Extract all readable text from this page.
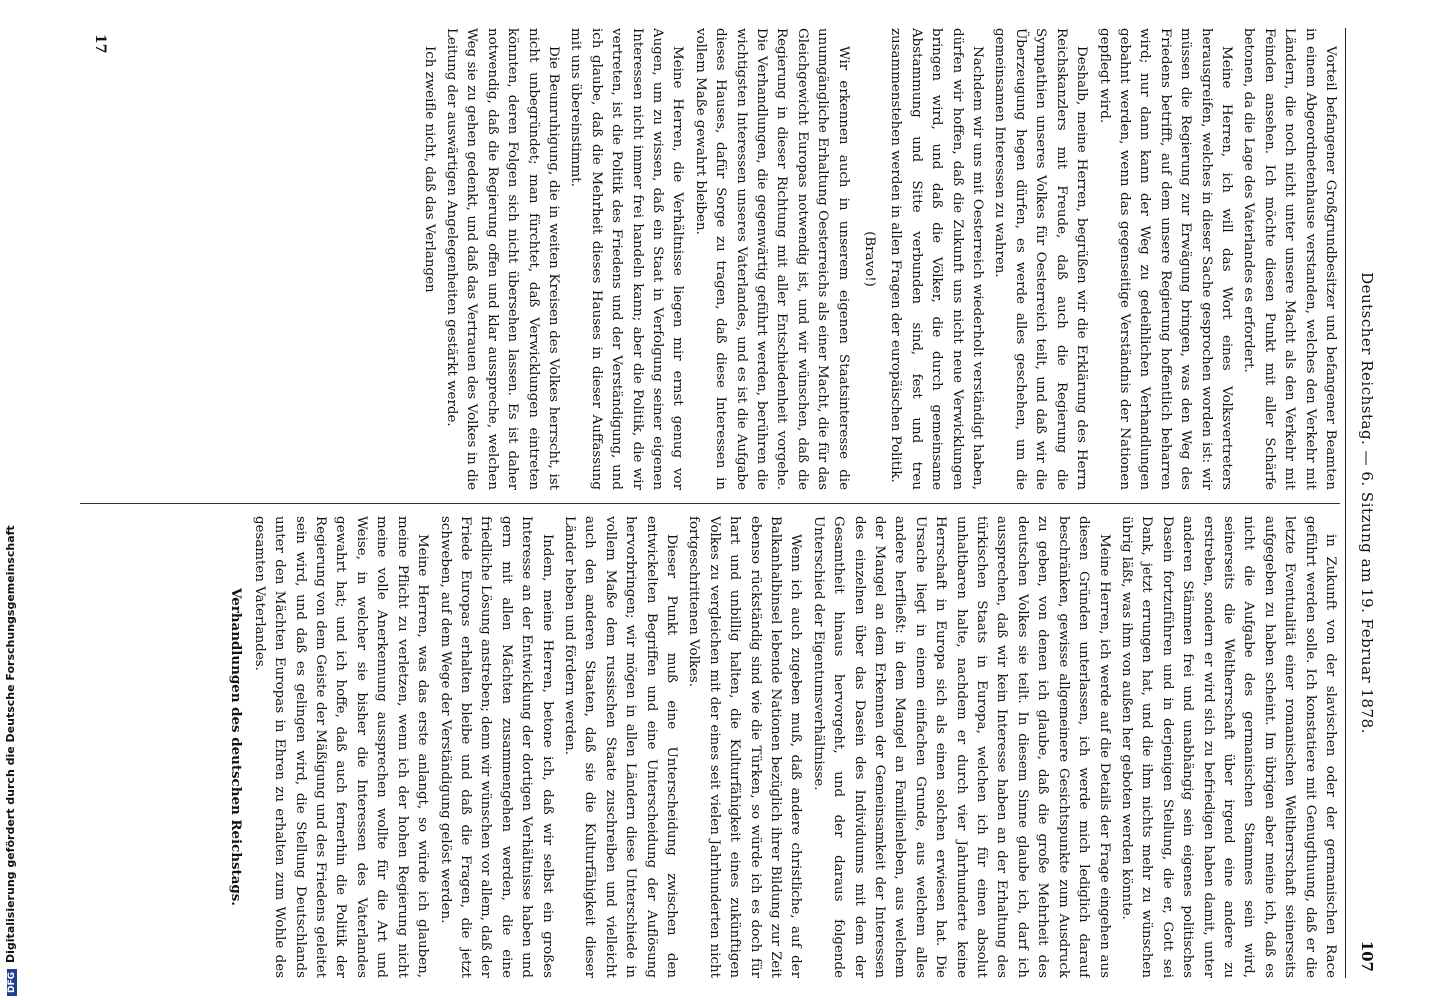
Deutscher Reichstag. — 6. Sitzung am 19. Februar 1878.
107

Vorteil befangener Großgrundbesitzer und befangener Beamten in einem Abgeordnetenhause verstanden, welches den Verkehr mit Ländern, die noch nicht unter unsere Macht als den Verkehr mit Feinden ansehen. Ich möchte diesen Punkt mit aller Schärfe betonen, da die Lage des Vaterlandes es erfordert.

Meine Herren, ich will das Wort eines Volksvertreters herausgreifen, welches in dieser Sache gesprochen worden ist: wir müssen die Regierung zur Erwägung bringen, was den Weg des Friedens betrifft, auf dem unsere Regierung hoffentlich beharren wird; nur dann kann der Weg zu gedeihlichen Verhandlungen gebahnt werden, wenn das gegenseitige Verständnis der Nationen gepflegt wird.

Deshalb, meine Herren, begrüßen wir die Erklärung des Herrn Reichskanzlers mit Freude, daß auch die Regierung die Sympathien unseres Volkes für Oesterreich teilt, und daß wir die Überzeugung hegen dürfen, es werde alles geschehen, um die gemeinsamen Interessen zu wahren.

Nachdem wir uns mit Oesterreich wiederholt verständigt haben, dürfen wir hoffen, daß die Zukunft uns nicht neue Verwicklungen bringen wird, und daß die Völker, die durch gemeinsame Abstammung und Sitte verbunden sind, fest und treu zusammenstehen werden in allen Fragen der europäischen Politik.

(Bravo!)

Wir erkennen auch in unserem eigenen Staatsinteresse die unumgängliche Erhaltung Oesterreichs als einer Macht, die für das Gleichgewicht Europas notwendig ist, und wir wünschen, daß die Regierung in dieser Richtung mit aller Entschiedenheit vorgehe. Die Verhandlungen, die gegenwärtig geführt werden, berühren die wichtigsten Interessen unseres Vaterlandes, und es ist die Aufgabe dieses Hauses, dafür Sorge zu tragen, daß diese Interessen in vollem Maße gewahrt bleiben.

Meine Herren, die Verhältnisse liegen mir ernst genug vor Augen, um zu wissen, daß ein Staat in Verfolgung seiner eigenen Interessen nicht immer frei handeln kann; aber die Politik, die wir vertreten, ist die Politik des Friedens und der Verständigung, und ich glaube, daß die Mehrheit dieses Hauses in dieser Auffassung mit uns übereinstimmt.

Die Beunruhigung, die in weiten Kreisen des Volkes herrscht, ist nicht unbegründet; man fürchtet, daß Verwicklungen eintreten könnten, deren Folgen sich nicht übersehen lassen. Es ist daher notwendig, daß die Regierung offen und klar ausspreche, welchen Weg sie zu gehen gedenkt, und daß das Vertrauen des Volkes in die Leitung der auswärtigen Angelegenheiten gestärkt werde.

Ich zweifle nicht, daß das Verlangen

in Zukunft von der slavischen oder der germanischen Race geführt werden solle. Ich konstatiere mit Genugthuung, daß er die letzte Eventualität einer romanischen Weltherrschaft seinerseits aufgegeben zu haben scheint. Im übrigen aber meine ich, daß es nicht die Aufgabe des germanischen Stammes sein wird, seinerseits die Weltherrschaft über irgend eine andere zu erstreben, sondern er wird sich zu befriedigen haben damit, unter anderen Stämmen frei und unabhängig sein eigenes politisches Dasein fortzuführen und in derjenigen Stellung, die er, Gott sei Dank, jetzt errungen hat, und die ihm nichts mehr zu wünschen übrig läßt, was ihm von außen her geboten werden könnte.

Meine Herren, ich werde auf die Details der Frage eingehen aus diesen Gründen unterlassen, ich werde mich lediglich darauf beschränken, gewisse allgemeinere Gesichtspunkte zum Ausdruck zu geben, von denen ich glaube, daß die große Mehrheit des deutschen Volkes sie teilt. In diesem Sinne glaube ich, darf ich aussprechen, daß wir kein Interesse haben an der Erhaltung des türkischen Staats in Europa, welchen ich für einen absolut unhaltbaren halte, nachdem er durch vier Jahrhunderte keine Herrschaft in Europa sich als einen solchen erwiesen hat. Die Ursache liegt in einem einfachen Grunde, aus welchem alles andere herfließt: in dem Mangel an Familienleben, aus welchem der Mangel an dem Erkennen der Gemeinsamkeit der Interessen des einzelnen über das Dasein des Individuums mit dem der Gesamtheit hinaus hervorgeht, und der daraus folgende Unterschied der Eigentumsverhältnisse.

Wenn ich auch zugeben muß, daß andere christliche, auf der Balkanhalbinsel lebende Nationen bezüglich ihrer Bildung zur Zeit ebenso rückständig sind wie die Türken, so würde ich es doch für hart und unbillig halten, die Kulturfähigkeit eines zukünftigen Volkes zu vergleichen mit der eines seit vielen Jahrhunderten nicht fortgeschrittenen Volkes.

Dieser Punkt muß eine Unterscheidung zwischen den entwickelten Begriffen und eine Unterscheidung der Auflösung hervorbringen; wir mögen in allen Ländern diese Unterschiede in vollem Maße dem russischen Staate zuschreiben und vielleicht auch den anderen Staaten, daß sie die Kulturfähigkeit dieser Länder heben und fördern werden.

Indem, meine Herren, betone ich, daß wir selbst ein großes Interesse an der Entwicklung der dortigen Verhältnisse haben und gern mit allen Mächten zusammengehen werden, die eine friedliche Lösung anstreben; denn wir wünschen vor allem, daß der Friede Europas erhalten bleibe und daß die Fragen, die jetzt schweben, auf dem Wege der Verständigung gelöst werden.

Meine Herren, was das erste anlangt, so würde ich glauben, meine Pflicht zu verletzen, wenn ich der hohen Regierung nicht meine volle Anerkennung aussprechen wollte für die Art und Weise, in welcher sie bisher die Interessen des Vaterlandes gewahrt hat; und ich hoffe, daß auch fernerhin die Politik der Regierung von dem Geiste der Mäßigung und des Friedens geleitet sein wird, und daß es gelingen wird, die Stellung Deutschlands unter den Mächten Europas in Ehren zu erhalten zum Wohle des gesamten Vaterlandes.

Verhandlungen des deutschen Reichstags.

17
DFGDigitalisierung gefördert durch die Deutsche Forschungsgemeinschaft
